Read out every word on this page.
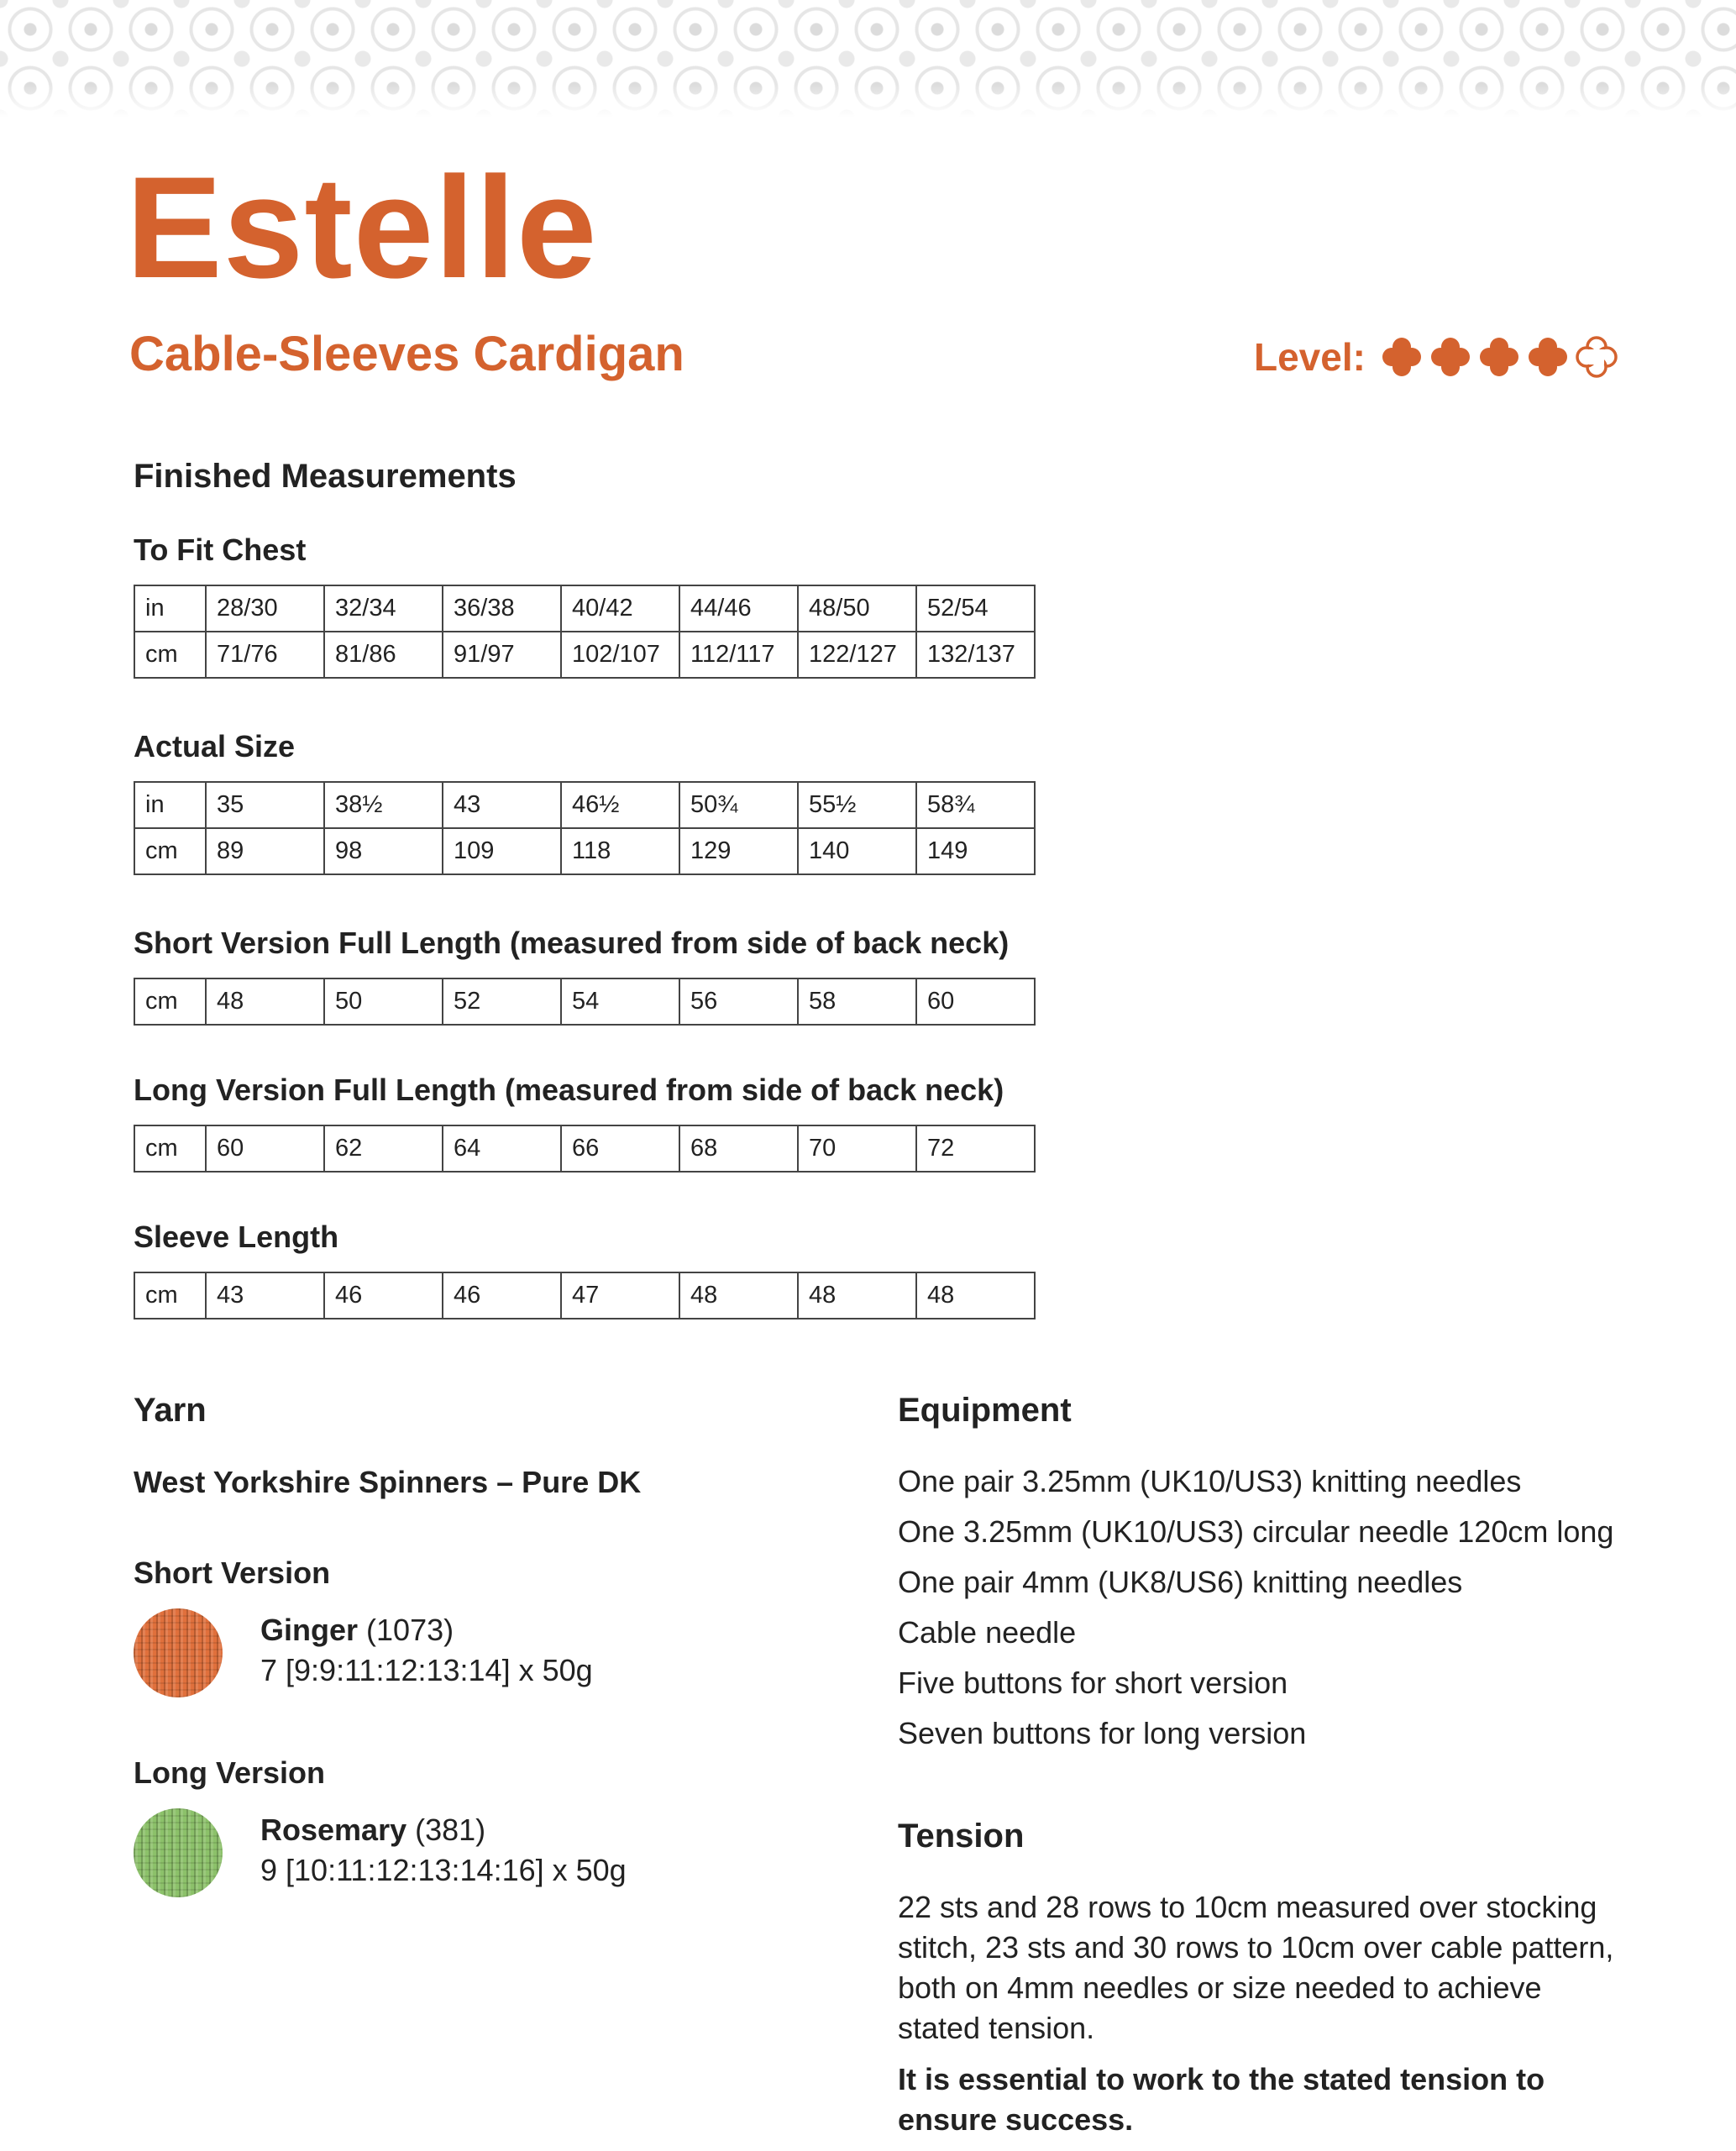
Estelle
Cable-Sleeves Cardigan	Level:
Finished Measurements
To Fit Chest
in	28/30	32/34	36/38	40/42	44/46	48/50	52/54
cm	71/76	81/86	91/97	102/107	112/117	122/127	132/137
Actual Size
in	35	38½	43	46½	50¾	55½	58¾
cm	89	98	109	118	129	140	149
Short Version Full Length (measured from side of back neck)
cm	48	50	52	54	56	58	60
Long Version Full Length (measured from side of back neck)
cm	60	62	64	66	68	70	72
Sleeve Length
cm	43	46	46	47	48	48	48
Yarn
West Yorkshire Spinners – Pure DK
Short Version
Ginger (1073)
7 [9:9:11:12:13:14] x 50g
Long Version
Rosemary (381)
9 [10:11:12:13:14:16] x 50g
Equipment
One pair 3.25mm (UK10/US3) knitting needles
One 3.25mm (UK10/US3) circular needle 120cm long
One pair 4mm (UK8/US6) knitting needles
Cable needle
Five buttons for short version
Seven buttons for long version
Tension
22 sts and 28 rows to 10cm measured over stocking stitch, 23 sts and 30 rows to 10cm over cable pattern, both on 4mm needles or size needed to achieve stated tension.
It is essential to work to the stated tension to ensure success.
